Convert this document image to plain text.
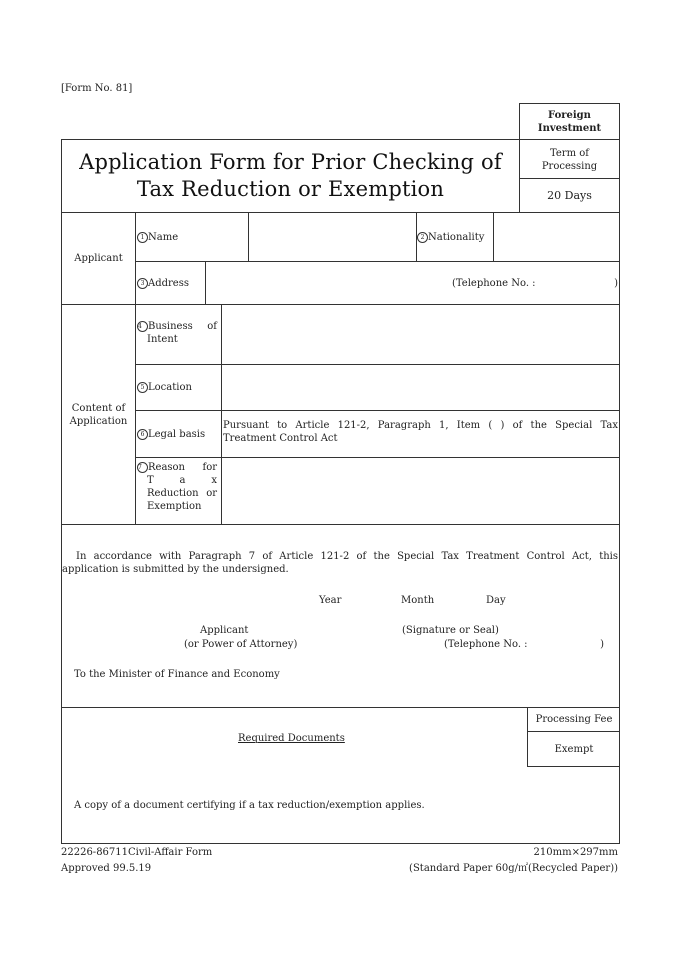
[Form No. 81]
Foreign Investment
Term of Processing
20 Days
Application Form for Prior Checking of
Tax Reduction or Exemption
Applicant
1 Name	2 Nationality
3 Address	(Telephone No. :	)
Content of
Application
4 Business of
Intent
5 Location
6 Legal basis
Pursuant to Article 121-2, Paragraph 1, Item ( ) of the Special Tax
Treatment Control Act
7 Reason for
T a x
Reduction or
Exemption
In accordance with Paragraph 7 of Article 121-2 of the Special Tax Treatment Control Act, this
application is submitted by the undersigned.
Year	Month	Day
Applicant
(or Power of Attorney)
(Signature or Seal)
(Telephone No. :	)
To the Minister of Finance and Economy
Required Documents
Processing Fee
Exempt
A copy of a document certifying if a tax reduction/exemption applies.
22226-86711Civil-Affair Form
Approved 99.5.19
210mm×297mm
(Standard Paper 60g/㎡(Recycled Paper))
